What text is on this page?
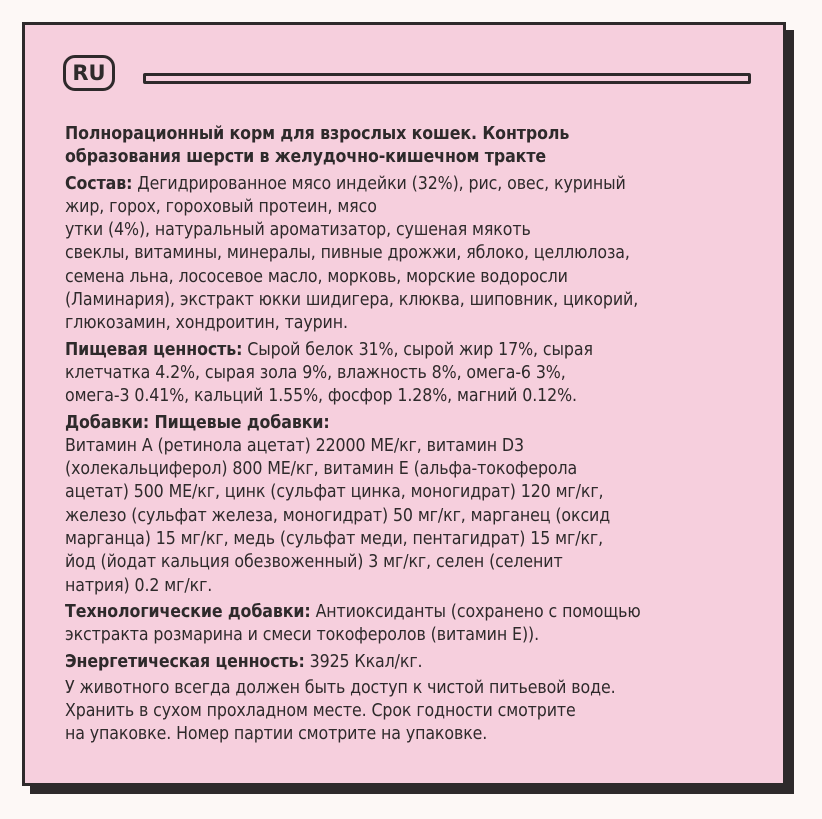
RU

Полнорационный корм для взрослых кошек. Контроль
образования шерсти в желудочно-кишечном тракте

Состав: Дегидрированное мясо индейки (32%), рис, овес, куриный
жир, горох, гороховый протеин, мясо
утки (4%), натуральный ароматизатор, сушеная мякоть
свеклы, витамины, минералы, пивные дрожжи, яблоко, целлюлоза,
семена льна, лососевое масло, морковь, морские водоросли
(Ламинария), экстракт юкки шидигера, клюква, шиповник, цикорий,
глюкозамин, хондроитин, таурин.

Пищевая ценность: Сырой белок 31%, сырой жир 17%, сырая
клетчатка 4.2%, сырая зола 9%, влажность 8%, омега-6 3%,
омега-3 0.41%, кальций 1.55%, фосфор 1.28%, магний 0.12%.

Добавки: Пищевые добавки:
Витамин A (ретинола ацетат) 22000 МЕ/кг, витамин D3
(холекальциферол) 800 МЕ/кг, витамин E (альфа-токоферола
ацетат) 500 МЕ/кг, цинк (сульфат цинка, моногидрат) 120 мг/кг,
железо (сульфат железа, моногидрат) 50 мг/кг, марганец (оксид
марганца) 15 мг/кг, медь (сульфат меди, пентагидрат) 15 мг/кг,
йод (йодат кальция обезвоженный) 3 мг/кг, селен (селенит
натрия) 0.2 мг/кг.

Технологические добавки: Антиоксиданты (сохранено с помощью
экстракта розмарина и смеси токоферолов (витамин E)).

Энергетическая ценность: 3925 Ккал/кг.

У животного всегда должен быть доступ к чистой питьевой воде.
Хранить в сухом прохладном месте. Срок годности смотрите
на упаковке. Номер партии смотрите на упаковке.
